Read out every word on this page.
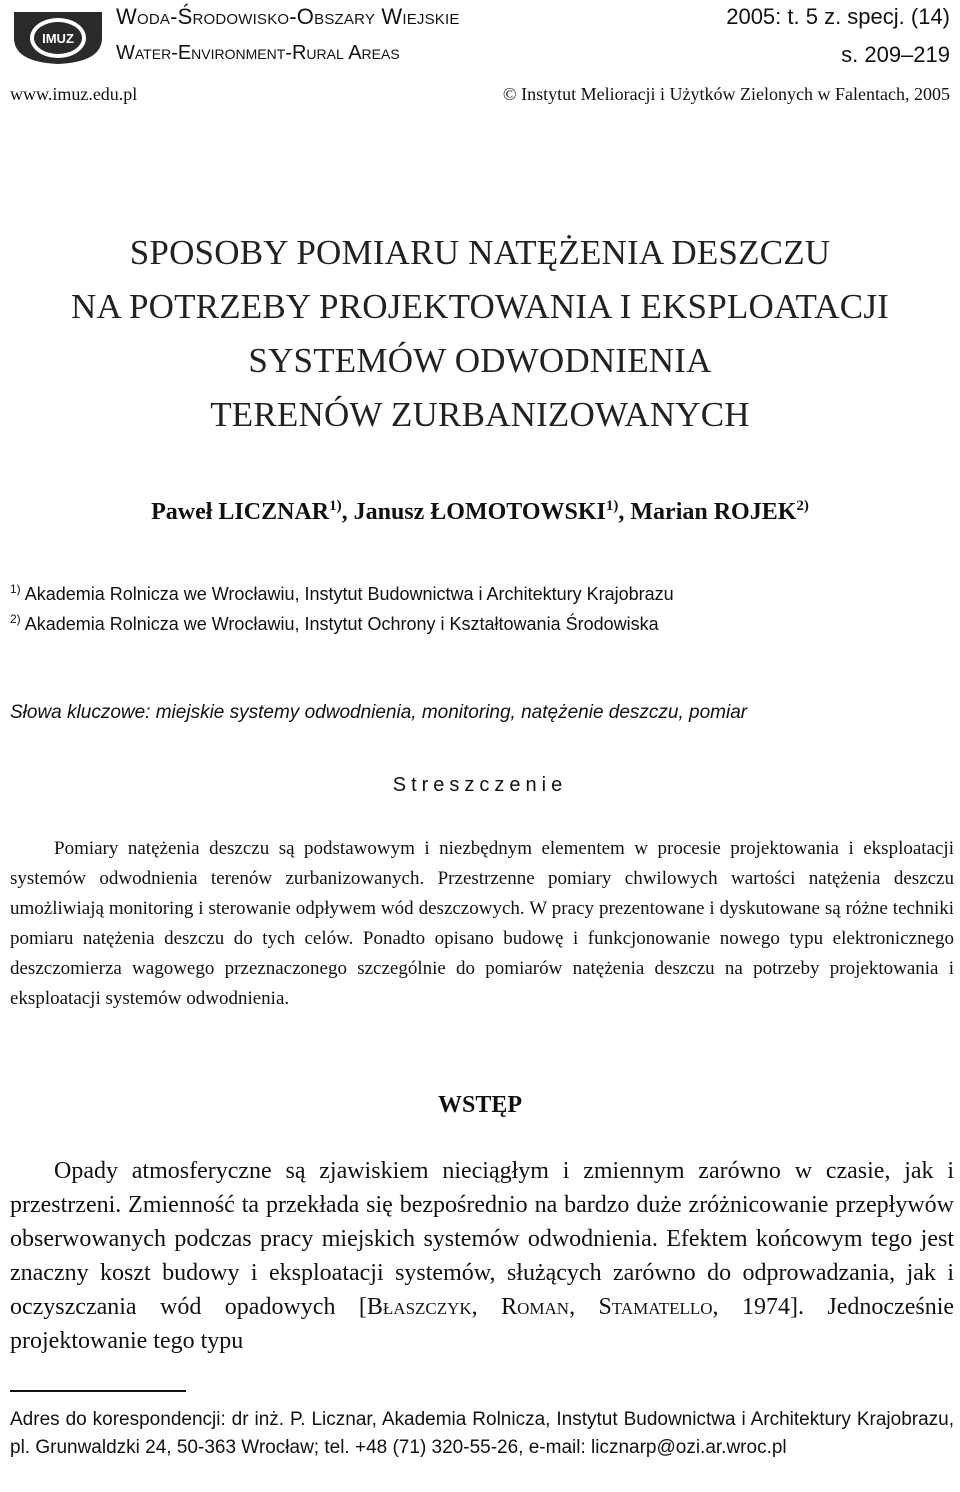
IMUZ
Woda-Środowisko-Obszary Wiejskie
Water-Environment-Rural Areas
2005: t. 5 z. specj. (14)
s. 209–219
www.imuz.edu.pl	© Instytut Melioracji i Użytków Zielonych w Falentach, 2005
SPOSOBY POMIARU NATĘŻENIA DESZCZU
NA POTRZEBY PROJEKTOWANIA I EKSPLOATACJI
SYSTEMÓW ODWODNIENIA
TERENÓW ZURBANIZOWANYCH
Paweł LICZNAR$^{1)}$, Janusz ŁOMOTOWSKI$^{1)}$, Marian ROJEK$^{2)}$
$^{1)}$ Akademia Rolnicza we Wrocławiu, Instytut Budownictwa i Architektury Krajobrazu
$^{2)}$ Akademia Rolnicza we Wrocławiu, Instytut Ochrony i Kształtowania Środowiska
Słowa kluczowe: miejskie systemy odwodnienia, monitoring, natężenie deszczu, pomiar
Streszczenie

Pomiary natężenia deszczu są podstawowym i niezbędnym elementem w procesie projektowania i eksploatacji systemów odwodnienia terenów zurbanizowanych. Przestrzenne pomiary chwilowych wartości natężenia deszczu umożliwiają monitoring i sterowanie odpływem wód deszczowych. W pracy prezentowane i dyskutowane są różne techniki pomiaru natężenia deszczu do tych celów. Ponadto opisano budowę i funkcjonowanie nowego typu elektronicznego deszczomierza wagowego przeznaczonego szczególnie do pomiarów natężenia deszczu na potrzeby projektowania i eksploatacji systemów odwodnienia.

WSTĘP

Opady atmosferyczne są zjawiskiem nieciągłym i zmiennym zarówno w czasie, jak i przestrzeni. Zmienność ta przekłada się bezpośrednio na bardzo duże zróżnicowanie przepływów obserwowanych podczas pracy miejskich systemów odwodnienia. Efektem końcowym tego jest znaczny koszt budowy i eksploatacji systemów, służących zarówno do odprowadzania, jak i oczyszczania wód opadowych [Błaszczyk, Roman, Stamatello, 1974]. Jednocześnie projektowanie tego typu

Adres do korespondencji: dr inż. P. Licznar, Akademia Rolnicza, Instytut Budownictwa i Architektury Krajobrazu, pl. Grunwaldzki 24, 50-363 Wrocław; tel. +48 (71) 320-55-26, e-mail: licznarp@ozi.ar.wroc.pl
